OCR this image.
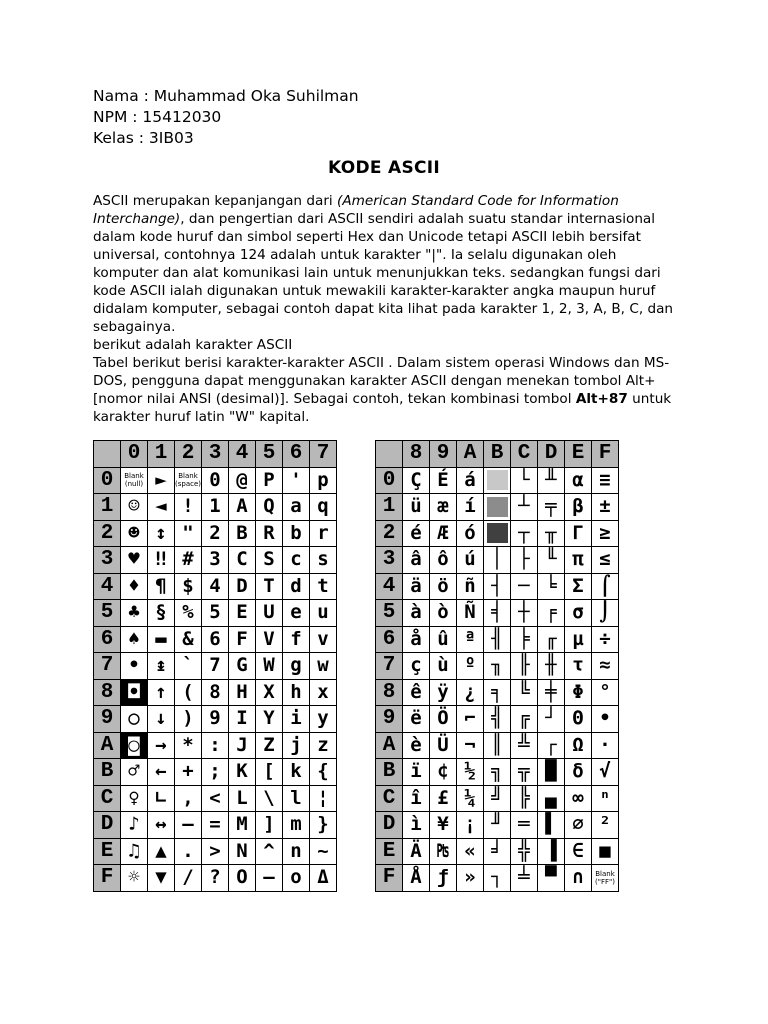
Nama : Muhammad Oka Suhilman
NPM : 15412030
Kelas : 3IB03
KODE ASCII

ASCII merupakan kepanjangan dari (American Standard Code for Information Interchange), dan pengertian dari ASCII sendiri adalah suatu standar internasional dalam kode huruf dan simbol seperti Hex dan Unicode tetapi ASCII lebih bersifat universal, contohnya 124 adalah untuk karakter "|". Ia selalu digunakan oleh komputer dan alat komunikasi lain untuk menunjukkan teks. sedangkan fungsi dari kode ASCII ialah digunakan untuk mewakili karakter-karakter angka maupun huruf didalam komputer, sebagai contoh dapat kita lihat pada karakter 1, 2, 3, A, B, C, dan sebagainya.

berikut adalah karakter ASCII

Tabel berikut berisi karakter-karakter ASCII . Dalam sistem operasi Windows dan MS-DOS, pengguna dapat menggunakan karakter ASCII dengan menekan tombol Alt+[nomor nilai ANSI (desimal)]. Sebagai contoh, tekan kombinasi tombol Alt+87 untuk karakter huruf latin "W" kapital.

	0	1	2	3	4	5	6	7
0	Blank (null)	►	Blank (space)	0	@	P	'	p
1	☺	◄	!	1	A	Q	a	q
2	☻	↕	"	2	B	R	b	r
3	♥	‼	#	3	C	S	c	s
4	♦	¶	$	4	D	T	d	t
5	♣	§	%	5	E	U	e	u
6	♠	▬	&	6	F	V	f	v
7	•	↨	`	7	G	W	g	w
8	◘	↑	(	8	H	X	h	x
9	○	↓	)	9	I	Y	i	y
A	◙	→	*	:	J	Z	j	z
B	♂	←	+	;	K	[	k	{
C	♀	∟	,	<	L	\	l	¦
D	♪	↔	–	=	M	]	m	}
E	♫	▲	.	>	N	^	n	~
F	☼	▼	/	?	O	—	o	Δ
	8	9	A	B	C	D	E	F
0	Ç	É	á		└	╨	α	≡
1	ü	æ	í		┴	╤	β	±
2	é	Æ	ó		┬	╥	Γ	≥
3	â	ô	ú	│	├	╙	π	≤
4	ä	ö	ñ	┤	─	╘	Σ	⌠
5	à	ò	Ñ	╡	┼	╒	σ	⌡
6	å	û	ª	╢	╞	╓	µ	÷
7	ç	ù	º	╖	╟	╫	τ	≈
8	ê	ÿ	¿	╕	╚	╪	Φ	°
9	ë	Ö	⌐	╣	╔	┘	Θ	•
A	è	Ü	¬	║	╩	┌	Ω	·
B	ï	¢	½	╗	╦	█	δ	√
C	î	£	¼	╝	╠	▄	∞	ⁿ
D	ì	¥	¡	╜	═	▌	∅	²
E	Ä	₧	«	╛	╬	▐	∈	■
F	Å	ƒ	»	┐	╧	▀	∩	Blank ("FF")
